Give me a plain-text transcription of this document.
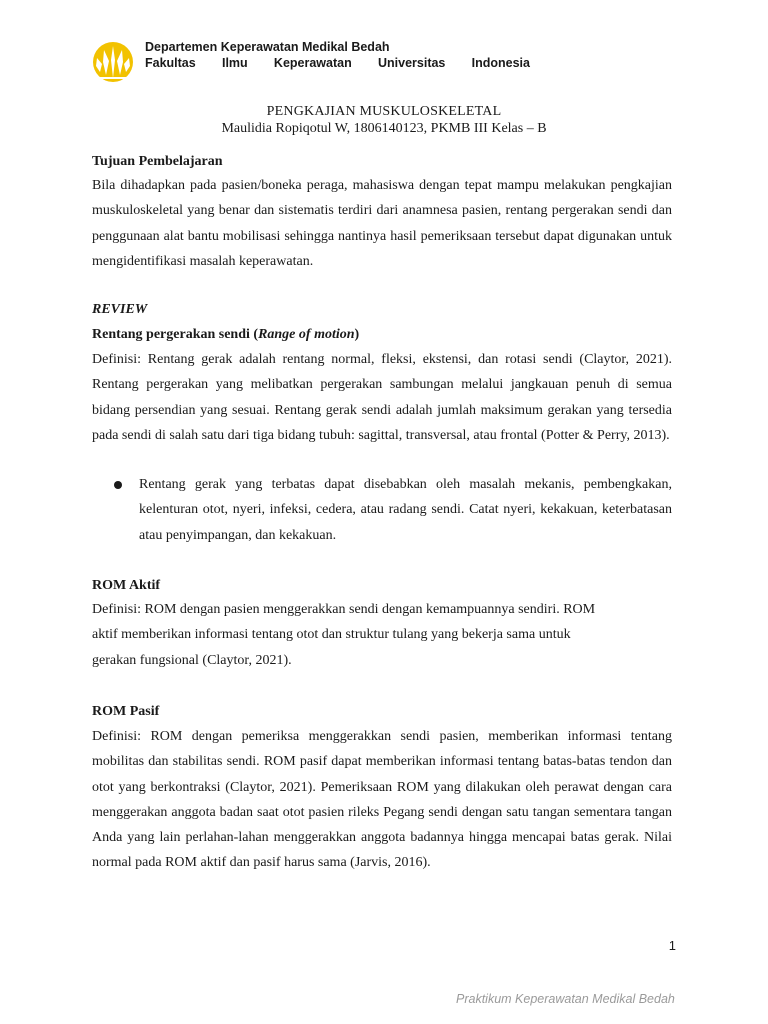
Departemen Keperawatan Medikal Bedah
Fakultas Ilmu Keperawatan Universitas Indonesia
PENGKAJIAN MUSKULOSKELETAL
Maulidia Ropiqotul W, 1806140123, PKMB III Kelas – B
Tujuan Pembelajaran
Bila dihadapkan pada pasien/boneka peraga, mahasiswa dengan tepat mampu melakukan pengkajian muskuloskeletal yang benar dan sistematis terdiri dari anamnesa pasien, rentang pergerakan sendi dan penggunaan alat bantu mobilisasi sehingga nantinya hasil pemeriksaan tersebut dapat digunakan untuk mengidentifikasi masalah keperawatan.
REVIEW
Rentang pergerakan sendi (Range of motion)
Definisi: Rentang gerak adalah rentang normal, fleksi, ekstensi, dan rotasi sendi (Claytor, 2021). Rentang pergerakan yang melibatkan pergerakan sambungan melalui jangkauan penuh di semua bidang persendian yang sesuai. Rentang gerak sendi adalah jumlah maksimum gerakan yang tersedia pada sendi di salah satu dari tiga bidang tubuh: sagittal, transversal, atau frontal (Potter & Perry, 2013).
Rentang gerak yang terbatas dapat disebabkan oleh masalah mekanis, pembengkakan, kelenturan otot, nyeri, infeksi, cedera, atau radang sendi. Catat nyeri, kekakuan, keterbatasan atau penyimpangan, dan kekakuan.
ROM Aktif
Definisi: ROM dengan pasien menggerakkan sendi dengan kemampuannya sendiri. ROM
aktif memberikan informasi tentang otot dan struktur tulang yang bekerja sama untuk
gerakan fungsional (Claytor, 2021).
ROM Pasif
Definisi: ROM dengan pemeriksa menggerakkan sendi pasien, memberikan informasi tentang mobilitas dan stabilitas sendi. ROM pasif dapat memberikan informasi tentang batas-batas tendon dan otot yang berkontraksi (Claytor, 2021). Pemeriksaan ROM yang dilakukan oleh perawat dengan cara menggerakan anggota badan saat otot pasien rileks Pegang sendi dengan satu tangan sementara tangan Anda yang lain perlahan-lahan menggerakkan anggota badannya hingga mencapai batas gerak. Nilai normal pada ROM aktif dan pasif harus sama (Jarvis, 2016).
1
Praktikum Keperawatan Medikal Bedah
